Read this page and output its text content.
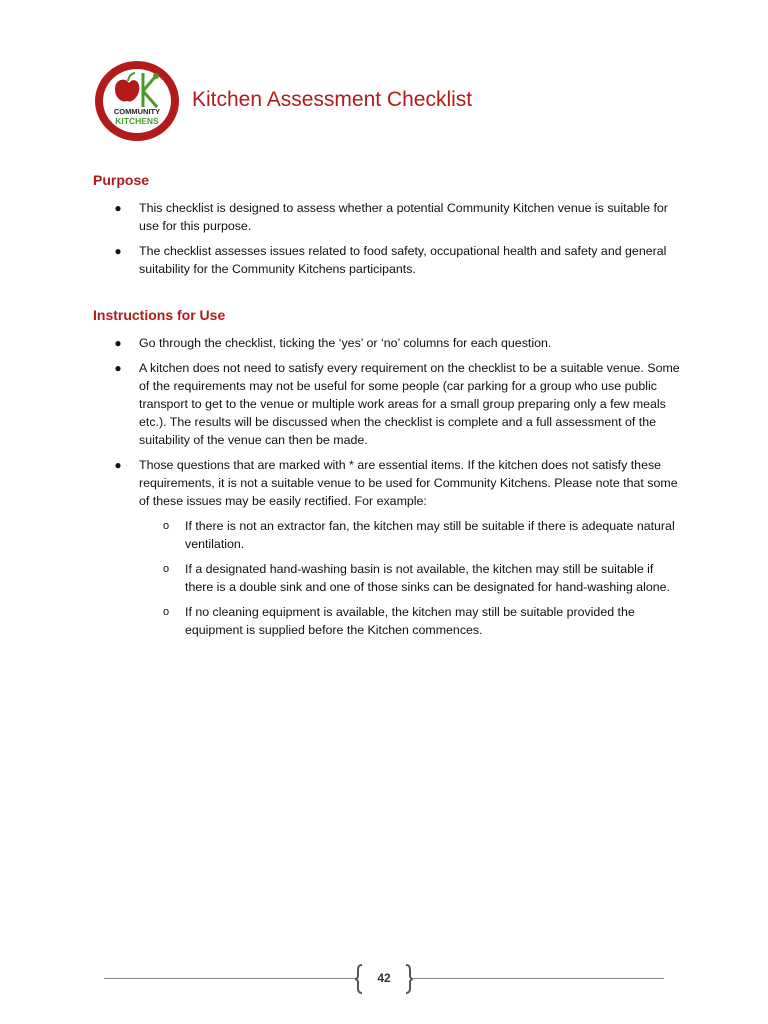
COMMUNITY
KITCHENS
Kitchen Assessment Checklist
Purpose
●	This checklist is designed to assess whether a potential Community Kitchen venue is suitable for use for this purpose.
●	The checklist assesses issues related to food safety, occupational health and safety and general suitability for the Community Kitchens participants.
Instructions for Use
●	Go through the checklist, ticking the ‘yes’ or ‘no’ columns for each question.
●	A kitchen does not need to satisfy every requirement on the checklist to be a suitable venue. Some of the requirements may not be useful for some people (car parking for a group who use public transport to get to the venue or multiple work areas for a small group preparing only a few meals etc.). The results will be discussed when the checklist is complete and a full assessment of the suitability of the venue can then be made.
●	Those questions that are marked with * are essential items. If the kitchen does not satisfy these requirements, it is not a suitable venue to be used for Community Kitchens. Please note that some of these issues may be easily rectified. For example:
o If there is not an extractor fan, the kitchen may still be suitable if there is adequate natural ventilation.
o If a designated hand-washing basin is not available, the kitchen may still be suitable if there is a double sink and one of those sinks can be designated for hand-washing alone.
o If no cleaning equipment is available, the kitchen may still be suitable provided the equipment is supplied before the Kitchen commences.
42
